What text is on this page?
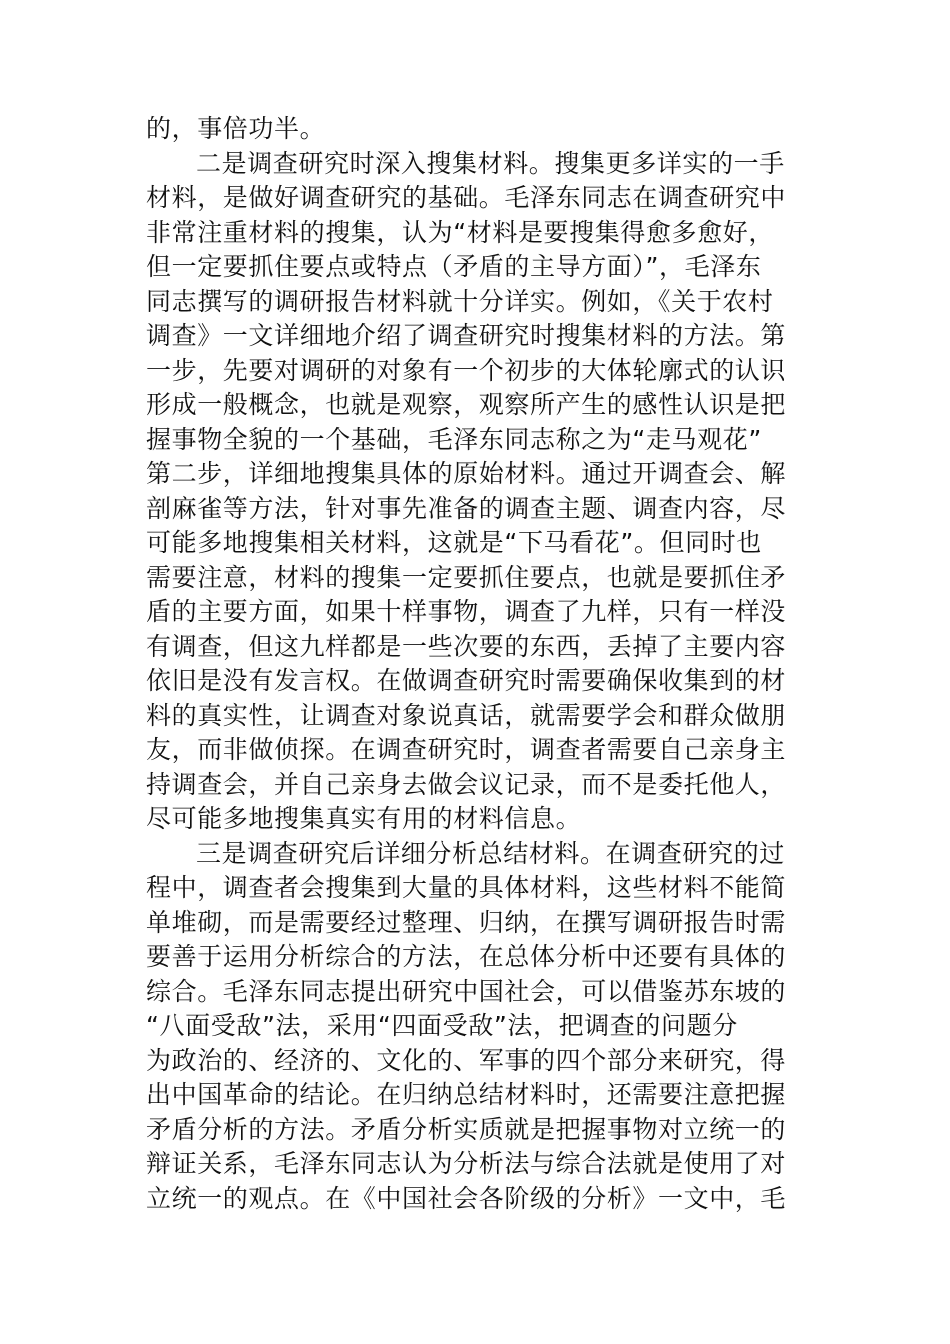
的，事倍功半。
二是调查研究时深入搜集材料。搜集更多详实的一手
材料，是做好调查研究的基础。毛泽东同志在调查研究中
非常注重材料的搜集，认为“材料是要搜集得愈多愈好，
但一定要抓住要点或特点（矛盾的主导方面）”，毛泽东
同志撰写的调研报告材料就十分详实。例如，《关于农村
调查》一文详细地介绍了调查研究时搜集材料的方法。第
一步，先要对调研的对象有一个初步的大体轮廓式的认识
形成一般概念，也就是观察，观察所产生的感性认识是把
握事物全貌的一个基础，毛泽东同志称之为“走马观花”
第二步，详细地搜集具体的原始材料。通过开调查会、解
剖麻雀等方法，针对事先准备的调查主题、调查内容，尽
可能多地搜集相关材料，这就是“下马看花”。但同时也
需要注意，材料的搜集一定要抓住要点，也就是要抓住矛
盾的主要方面，如果十样事物，调查了九样，只有一样没
有调查，但这九样都是一些次要的东西，丢掉了主要内容
依旧是没有发言权。在做调查研究时需要确保收集到的材
料的真实性，让调查对象说真话，就需要学会和群众做朋
友，而非做侦探。在调查研究时，调查者需要自己亲身主
持调查会，并自己亲身去做会议记录，而不是委托他人，
尽可能多地搜集真实有用的材料信息。
三是调查研究后详细分析总结材料。在调查研究的过
程中，调查者会搜集到大量的具体材料，这些材料不能简
单堆砌，而是需要经过整理、归纳，在撰写调研报告时需
要善于运用分析综合的方法，在总体分析中还要有具体的
综合。毛泽东同志提出研究中国社会，可以借鉴苏东坡的
“八面受敌”法，采用“四面受敌”法，把调查的问题分
为政治的、经济的、文化的、军事的四个部分来研究，得
出中国革命的结论。在归纳总结材料时，还需要注意把握
矛盾分析的方法。矛盾分析实质就是把握事物对立统一的
辩证关系，毛泽东同志认为分析法与综合法就是使用了对
立统一的观点。在《中国社会各阶级的分析》一文中，毛
